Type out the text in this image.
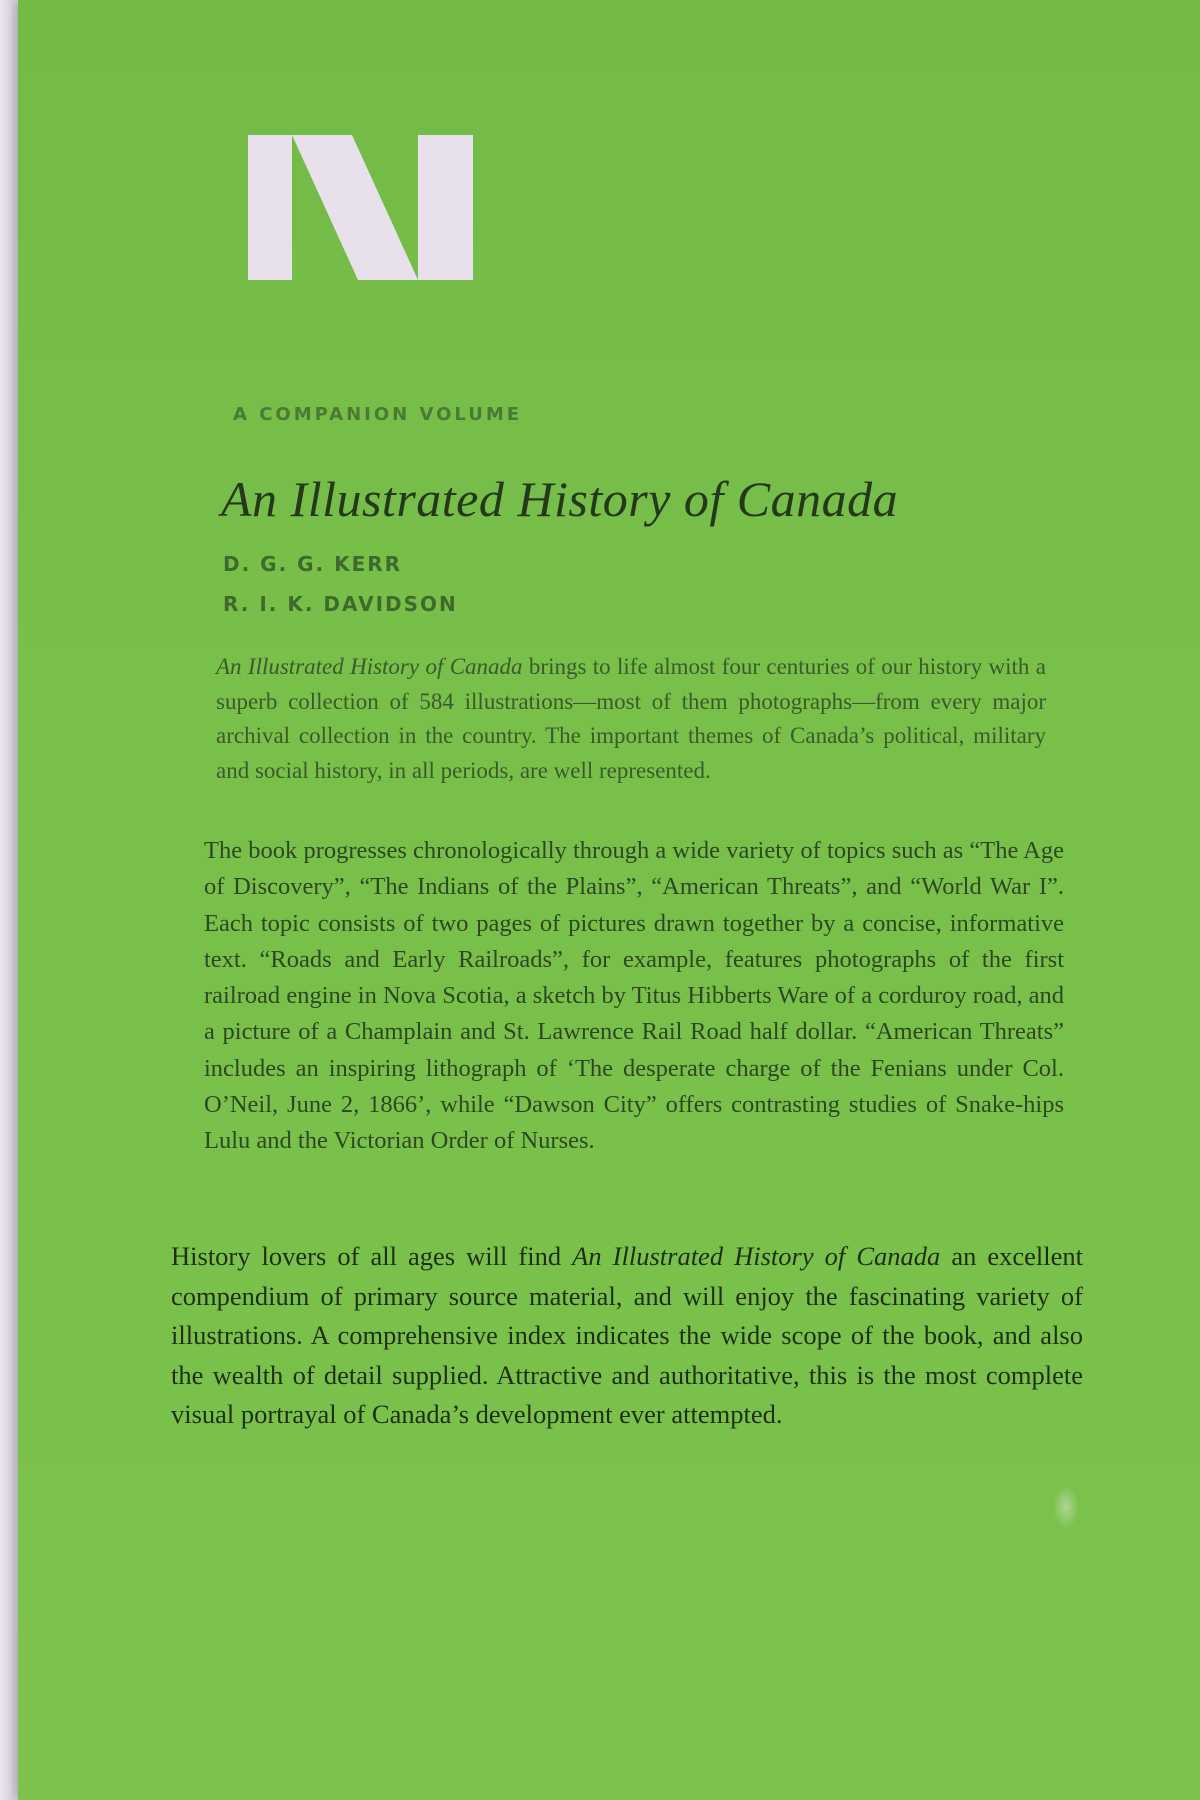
A COMPANION VOLUME

An Illustrated History of Canada

D. G. G. KERR

R. I. K. DAVIDSON

An Illustrated History of Canada brings to life almost four centuries of our history with a superb collection of 584 illustrations—most of them photographs—from every major archival collection in the country. The important themes of Canada’s political, military and social history, in all periods, are well represented.

The book progresses chronologically through a wide variety of topics such as “The Age of Discovery”, “The Indians of the Plains”, “American Threats”, and “World War I”. Each topic consists of two pages of pictures drawn together by a concise, informative text. “Roads and Early Railroads”, for example, features photographs of the first railroad engine in Nova Scotia, a sketch by Titus Hibberts Ware of a corduroy road, and a picture of a Champlain and St. Lawrence Rail Road half dollar. “American Threats” includes an inspiring lithograph of ‘The desperate charge of the Fenians under Col. O’Neil, June 2, 1866’, while “Dawson City” offers contrasting studies of Snake-hips Lulu and the Victorian Order of Nurses.

History lovers of all ages will find An Illustrated History of Canada an excellent compendium of primary source material, and will enjoy the fascinating variety of illustrations. A comprehensive index indicates the wide scope of the book, and also the wealth of detail supplied. Attractive and authoritative, this is the most complete visual portrayal of Canada’s development ever attempted.
